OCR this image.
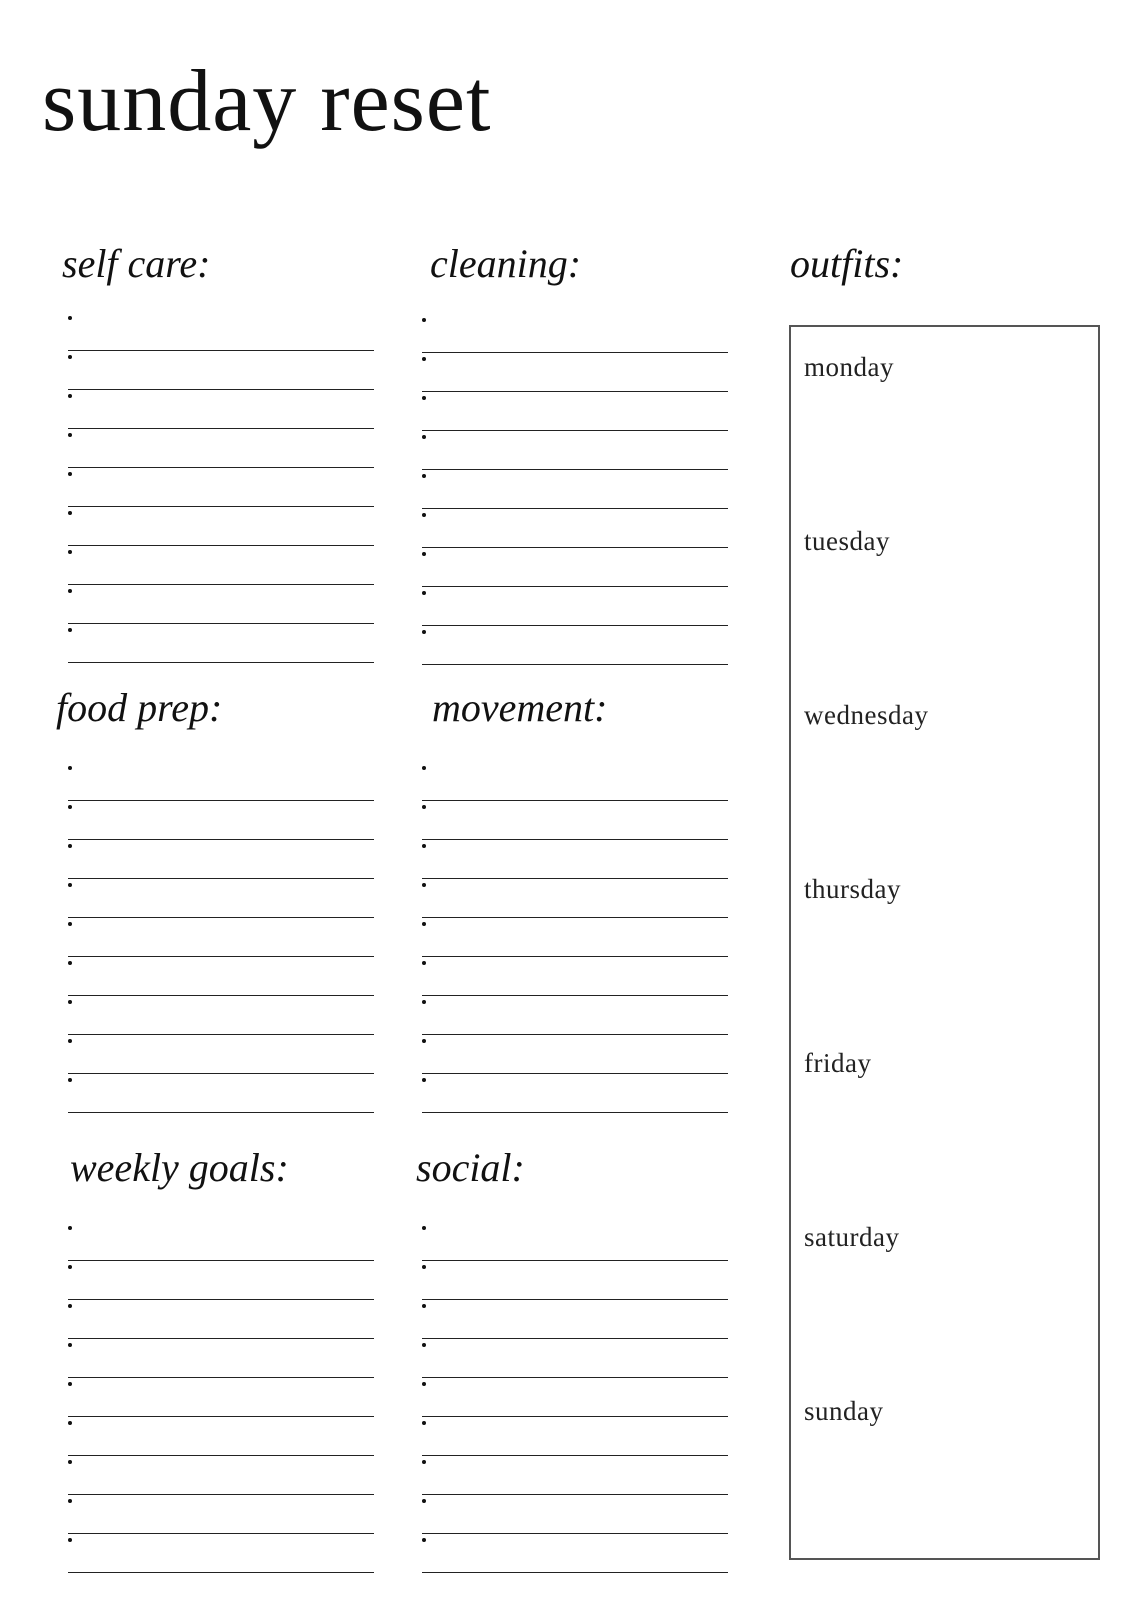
sunday reset
self care:	cleaning:	outfits:
food prep:	movement:
weekly goals:	social:
monday
tuesday
wednesday
thursday
friday
saturday
sunday
